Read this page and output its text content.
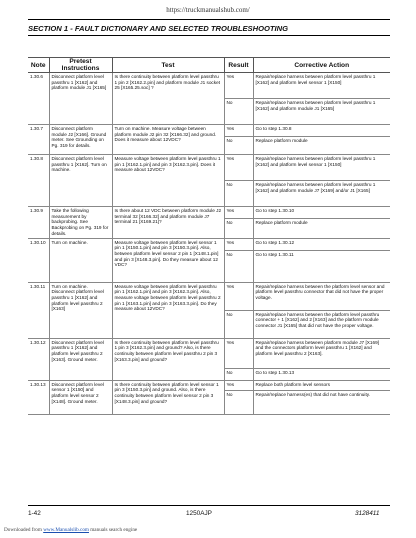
https://truckmanualshub.com/
SECTION 1 - FAULT DICTIONARY AND SELECTED TROUBLESHOOTING
Note	Pretest Instructions	Test	Result	Corrective Action
1.30.6	Disconnect platform level passthru 1 [X162] and platform module J1 [X165]	Is there continuity between platform level passthru 1 pin 2 [X162.2.pin] and platform module J1 socket 25 [X165.25.soc] ?	Yes	Repair/replace harness between platform level passthru 1 [X162] and platform level sensor 1 [X150]
			No	Repair/replace harness between platform level passthru 1 [X162] and platform module J1 [X165]
1.30.7	Disconnect platform module J2 [X166]. Ground meter. See Grounding on Pg. 319 for details.	Turn on machine. Measure voltage between platform module J2 pin 32 [X166.32] and ground. Does it measure about 12VDC?	Yes	Go to step 1.30.8
			No	Replace platform module
1.30.8	Disconnect platform level passthru 1 [X162]. Turn on machine.	Measure voltage between platform level passthru 1 pin 1 [X162.1.pin] and pin 3 [X162.3.pin]. Does it measure about 12VDC?	Yes	Repair/replace harness between platform level passthru 1 [X162] and platform level sensor 1 [X150]
			No	Repair/replace harness between platform level passthru 1 [X162] and platform module J7 [X169] and/or J1 [X165]
1.30.9	Take the following measurement by backprobing. See Backprobing on Pg. 319 for details.	Is there about 12 VDC between platform module J2 terminal 32 [X166.32] and platform module J7 terminal 21 [X169.21]?	Yes	Go to step 1.30.10
			No	Replace platform module
1.30.10	Turn on machine.	Measure voltage between platform level sensor 1 pin 1 [X150.1.pin] and pin 3 [X150.3.pin]. Also, between platform level sensor 2 pin 1 [X148.1.pin] and pin 3 [X148.3.pin]. Do they measure about 12 VDC?	Yes	Go to step 1.30.12
			No	Go to step 1.30.11
1.30.11	Turn on machine. Disconnect platform level passthru 1 [X162] and platform level passthru 2 [X163]	Measure voltage between platform level passthru pin 1 [X162.1.pin] and pin 3 [X162.3.pin]. Also, measure voltage between platform level passthru 2 pin 1 [X163.1.pin] and pin 3 [X163.3.pin]. Do they measure about 12VDC?	Yes	Repair/replace harness between the platform level sensor and platform level passthru connector that did not have the proper voltage.
			No	Repair/replace harness between the platform level passthru connector + 1 [X162] and 2 [X163] and the platform module connector J1 [X165] that did not have the proper voltage.
1.30.12	Disconnect platform level passthru 1 [X162] and platform level passthru 2 [X163]. Ground meter.	Is there continuity between platform level passthru 1 pin 3 [X162.3.pin] and ground? Also, is there continuity between platform level passthru 2 pin 3 [X163.3.pin] and ground?	Yes	Repair/replace harness between platform module J7 [X169] and the connectors platform level passthru 1 [X162] and platform level passthru 2 [X163].
			No	Go to step 1.30.13
1.30.13	Disconnect platform level sensor 1 [X150] and platform level sensor 2 [X148]. Ground meter.	Is there continuity between platform level sensor 1 pin 3 [X150.3.pin] and ground. Also, is there continuity between platform level sensor 2 pin 3 [X148.3.pin] and ground?	Yes	Replace both platform level sensors
			No	Repair/replace harness(es) that did not have continuity.
1-42	1250AJP	3128411
Downloaded from www.Manualslib.com manuals search engine
